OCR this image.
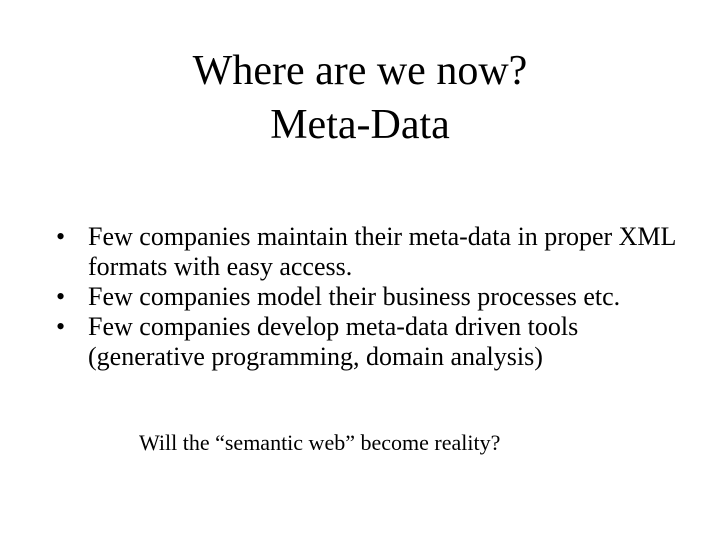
Where are we now?
Meta-Data
• Few companies maintain their meta-data in proper XML formats with easy access.
• Few companies model their business processes etc.
• Few companies develop meta-data driven tools (generative programming, domain analysis)

Will the “semantic web” become reality?
